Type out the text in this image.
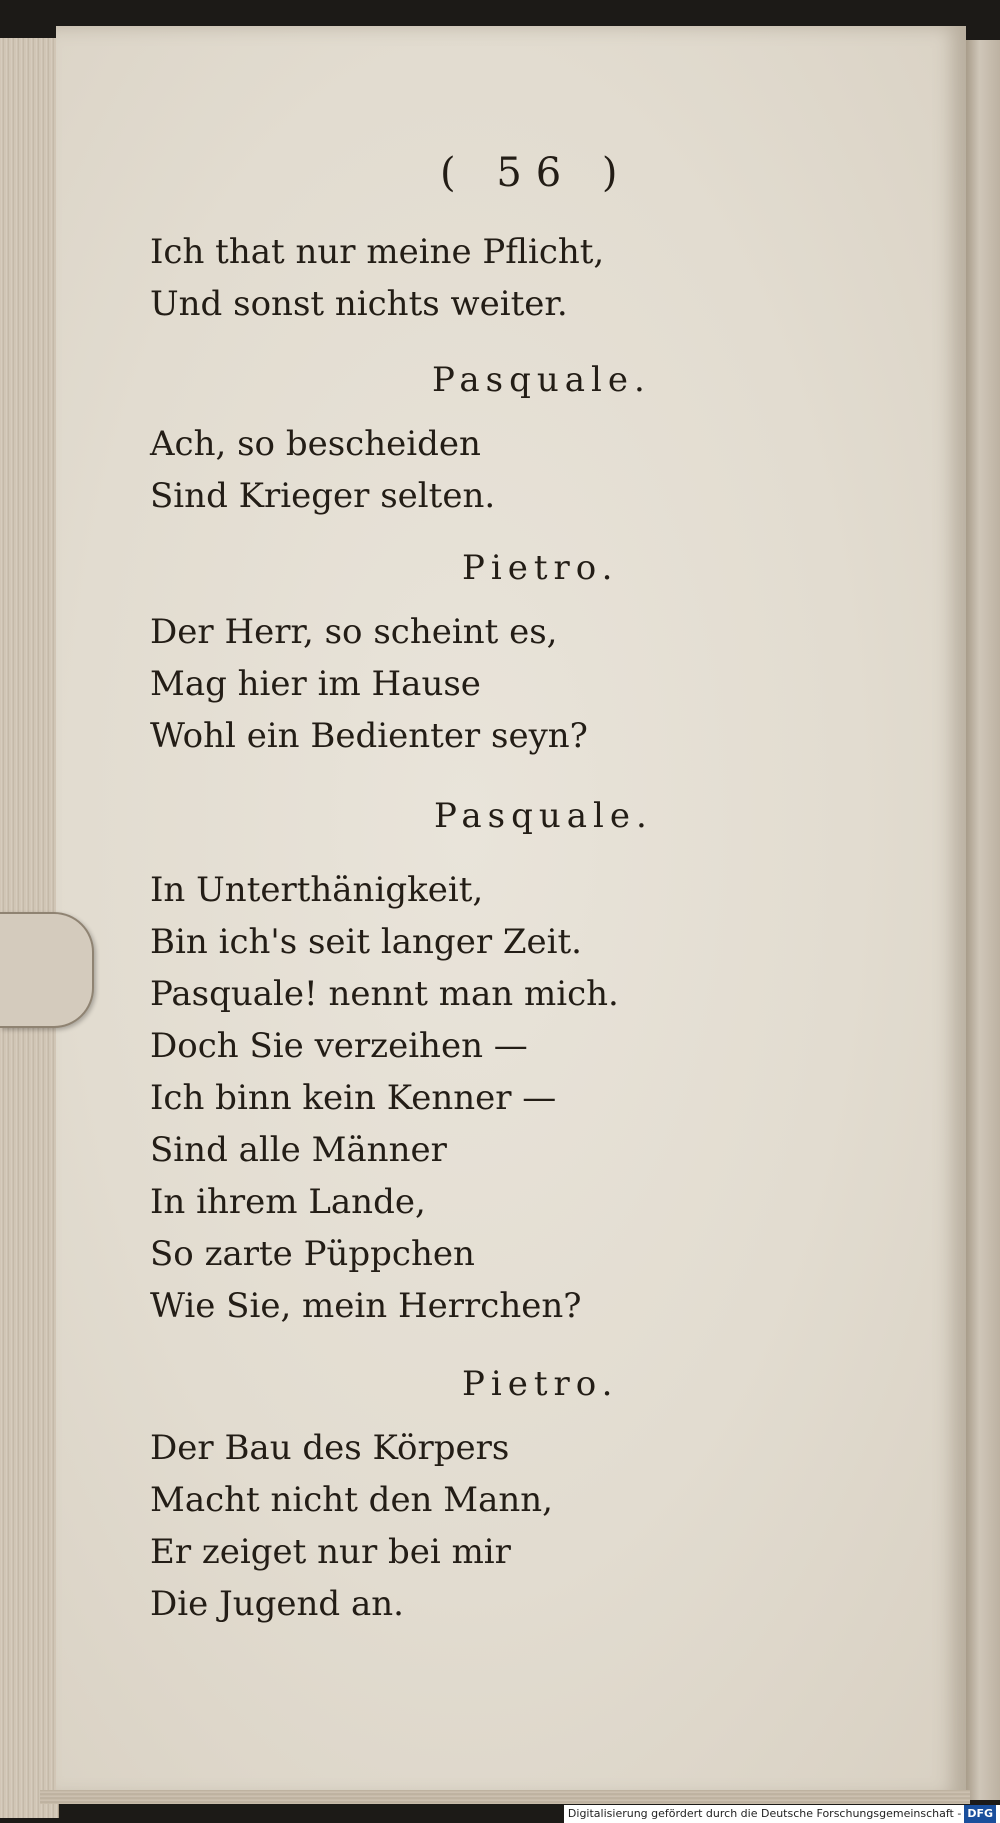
( 56 )
Ich that nur meine Pflicht,
Und sonst nichts weiter.
Pasquale.
Ach, so bescheiden
Sind Krieger selten.
Pietro.
Der Herr, so scheint es,
Mag hier im Hause
Wohl ein Bedienter seyn?
Pasquale.
In Unterthänigkeit,
Bin ich's seit langer Zeit.
Pasquale! nennt man mich.
Doch Sie verzeihen —
Ich binn kein Kenner —
Sind alle Männer
In ihrem Lande,
So zarte Püppchen
Wie Sie, mein Herrchen?
Pietro.
Der Bau des Körpers
Macht nicht den Mann,
Er zeiget nur bei mir
Die Jugend an.
Digitalisierung gefördert durch die Deutsche Forschungsgemeinschaft - DFG
